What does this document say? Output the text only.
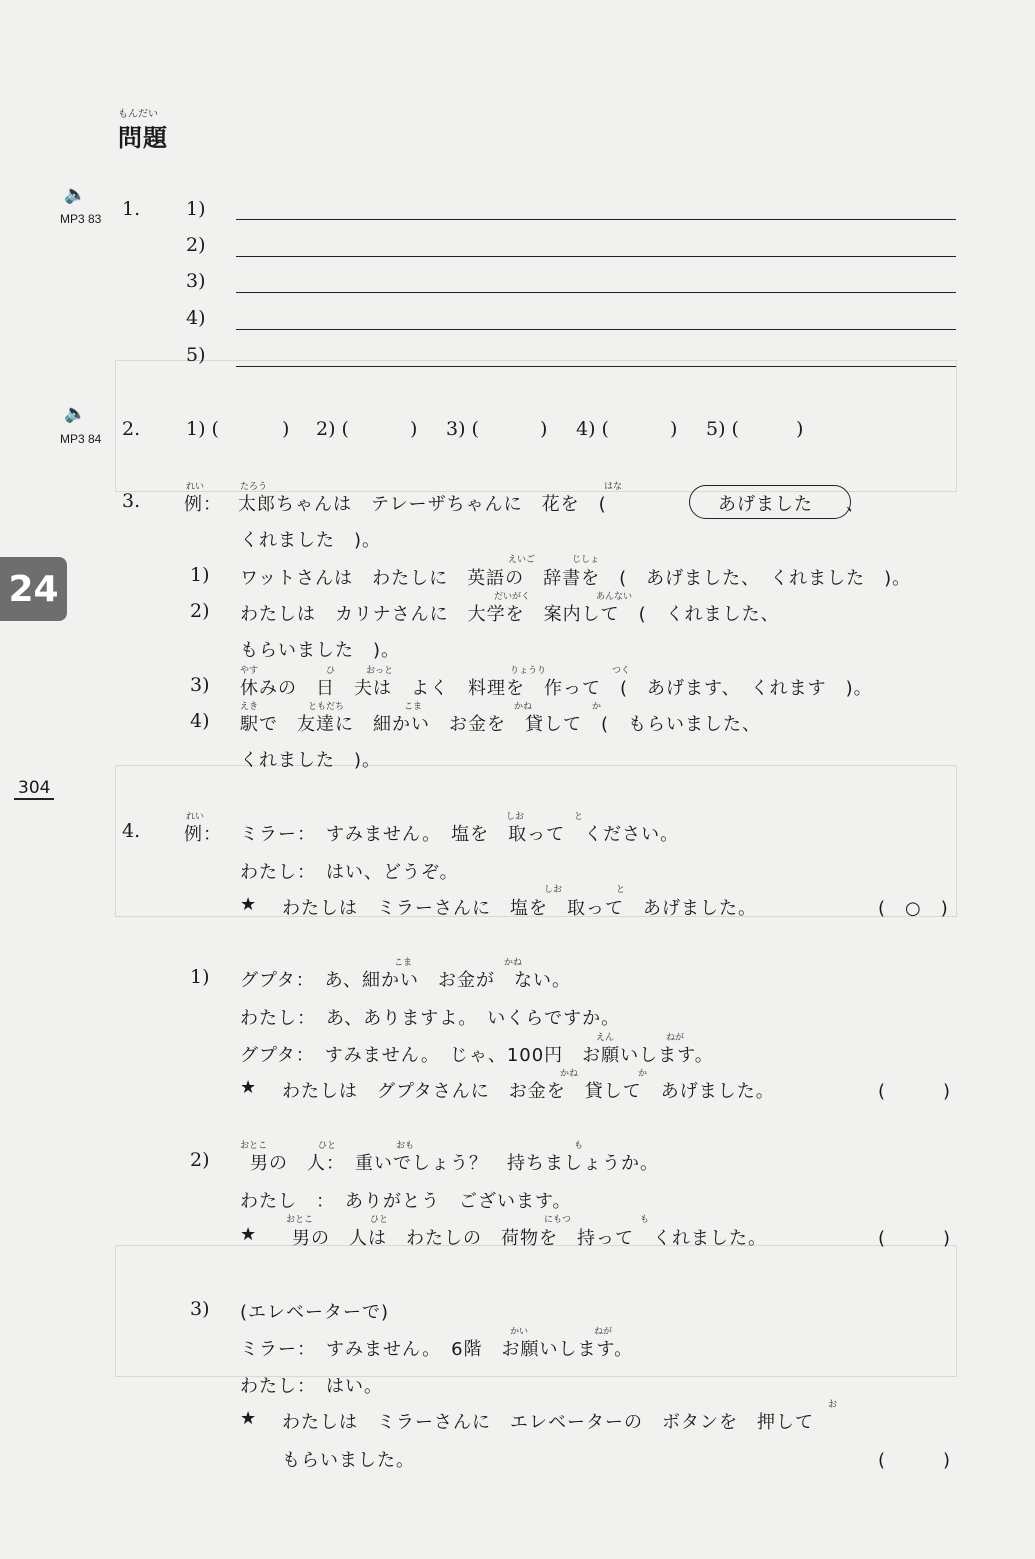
もんだい
問題
🔈
MP3 83 1. 1)
2)
3)
4)
5)
🔈
MP3 84 2. 1) (	) 2) (	) 3) (	) 4) (	) 5) (	)
3.
れい
例：
たろう	はな
太郎ちゃんは　テレーザちゃんに　花を　(	あげました 、
くれました　)。
えいご	じしょ
1) ワットさんは　わたしに　英語の　辞書を　(　あげました、　くれました　)。
だいがく	あんない
2) わたしは　カリナさんに　大学を　案内して　(　くれました、
もらいました　)。
やす	ひ	おっと	りょうり	つく
3) 休みの　日　夫は　よく　料理を　作って　(　あげます、　くれます　)。
えき	ともだち	こま	かね	か
4) 駅で　友達に　細かい　お金を　貸して　(　もらいました、
くれました　)。
24
304
4.
れい
例：
しお	と
ミラー：　すみません。　塩を　取って　ください。
わたし：　はい、どうぞ。
★
しお	と
わたしは　ミラーさんに　塩を　取って　あげました。	(　○　)
こま	かね
1) グプタ：　あ、細かい　お金が　ない。
わたし：　あ、ありますよ。　いくらですか。
えん	ねが
グプタ：　すみません。　じゃ、100円　お願いします。
★
かね	か
わたしは　グプタさんに　お金を　貸して　あげました。	(　　　)
おとこ	ひと	おも	も
2) 男の　人：　重いでしょう？　持ちましょうか。
わたし　：　ありがとう　ございます。
★
おとこ	ひと	にもつ	も
男の　人は　わたしの　荷物を　持って　くれました。	(　　　)
3) (エレベーターで)
かい	ねが
ミラー：　すみません。　6階　お願いします。
わたし：　はい。
★
お
わたしは　ミラーさんに　エレベーターの　ボタンを　押して
もらいました。	(　　　)
